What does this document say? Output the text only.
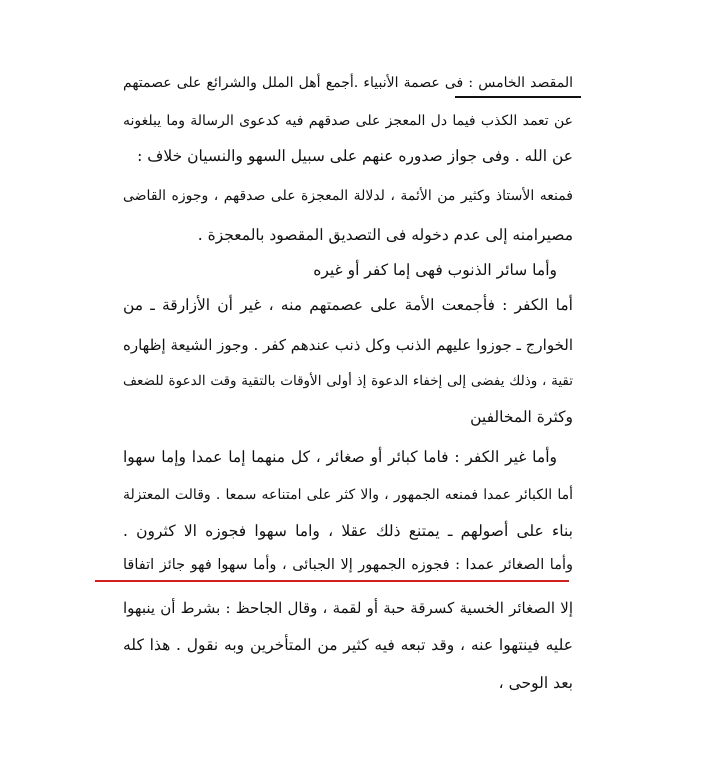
المقصد الخامس : فى عصمة الأنبياء .أجمع أهل الملل والشرائع على عصمتهم
عن تعمد الكذب فيما دل المعجز على صدقهم فيه كدعوى الرسالة وما يبلغونه
عن الله . وفى جواز صدوره عنهم على سبيل السهو والنسيان خلاف :
فمنعه الأستاذ وكثير من الأئمة ، لدلالة المعجزة على صدقهم ، وجوزه القاضى
مصيرامنه إلى عدم دخوله فى التصديق المقصود بالمعجزة .
وأما سائر الذنوب فهى إما كفر أو غيره
أما الكفر : فأجمعت الأمة على عصمتهم منه ، غير أن الأزارقة ـ من
الخوارج ـ جوزوا عليهم الذنب وكل ذنب عندهم كفر . وجوز الشيعة إظهاره
تقية ، وذلك يفضى إلى إخفاء الدعوة إذ أولى الأوقات بالتقية وقت الدعوة للضعف
وكثرة المخالفين
وأما غير الكفر : فاما كبائر أو صغائر ، كل منهما إما عمدا وإما سهوا
أما الكبائر عمدا فمنعه الجمهور ، والا كثر على امتناعه سمعا . وقالت المعتزلة
بناء على أصولهم ـ يمتنع ذلك عقلا ، واما سهوا فجوزه الا كثرون .
وأما الصغائر عمدا : فجوزه الجمهور إلا الجبائى ، وأما سهوا فهو جائز اتفاقا
إلا الصغائر الخسية كسرقة حبة أو لقمة ، وقال الجاحظ : بشرط أن ينبهوا
عليه فينتهوا عنه ، وقد تبعه فيه كثير من المتأخرين وبه نقول . هذا كله
بعد الوحى ،
